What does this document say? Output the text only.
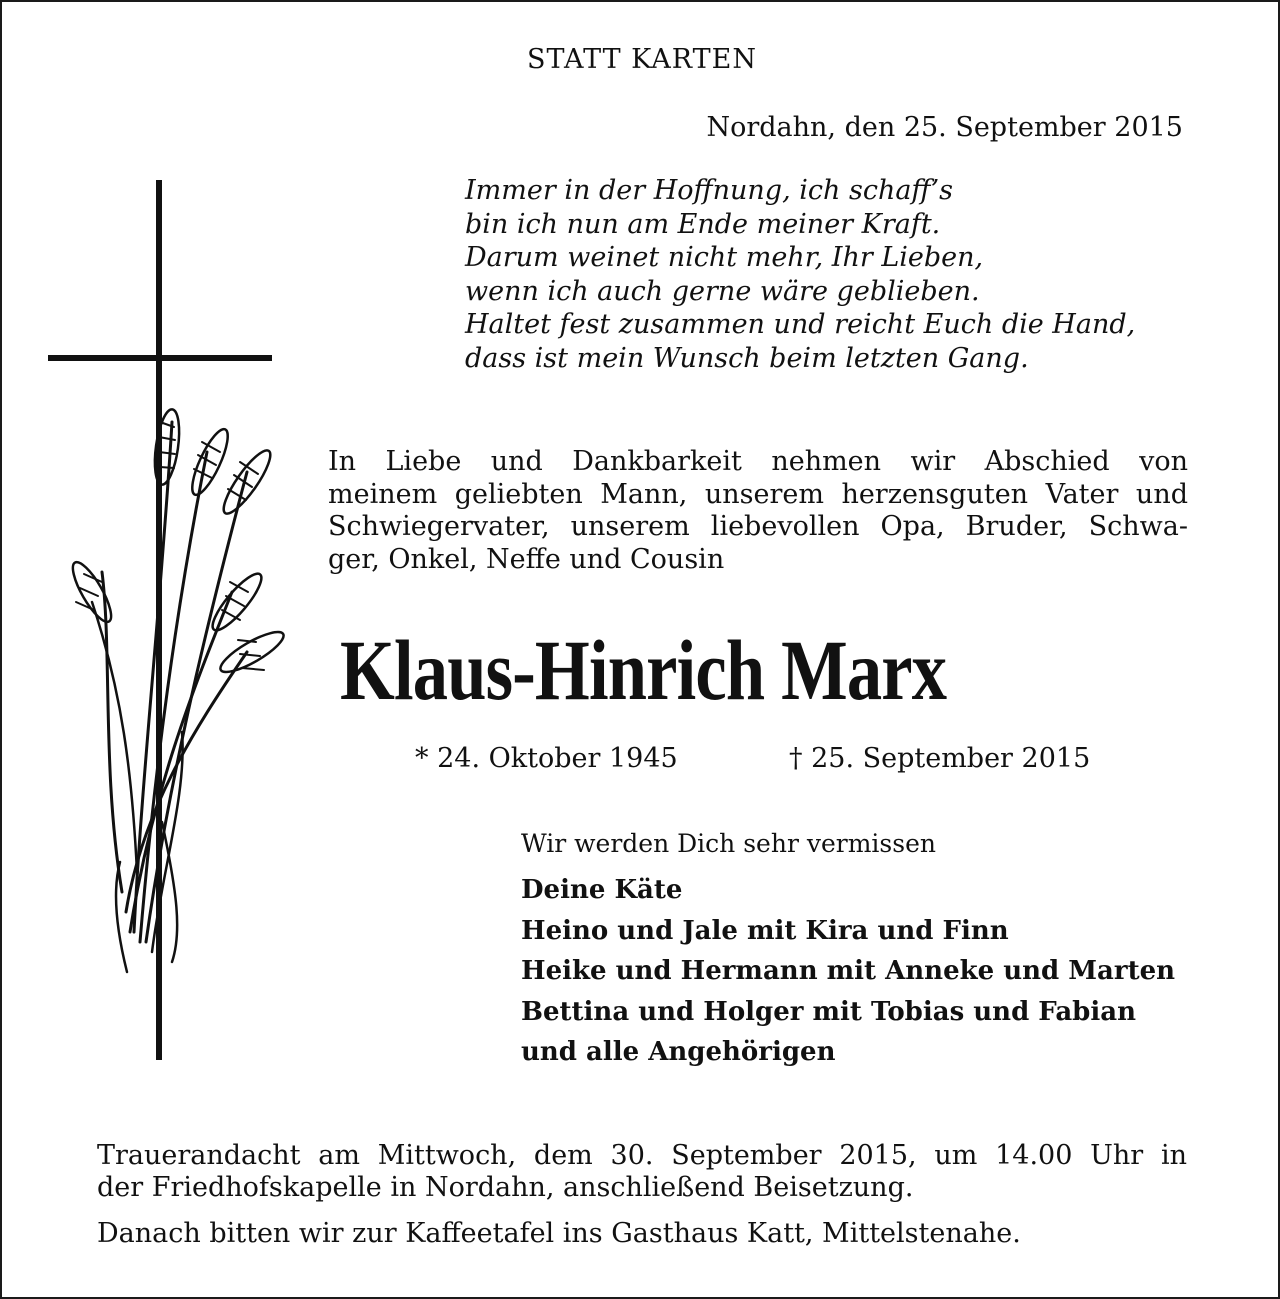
STATT KARTEN
Nordahn, den 25. September 2015
Immer in der Hoffnung, ich schaff’s
bin ich nun am Ende meiner Kraft.
Darum weinet nicht mehr, Ihr Lieben,
wenn ich auch gerne wäre geblieben.
Haltet fest zusammen und reicht Euch die Hand,
dass ist mein Wunsch beim letzten Gang.
In Liebe und Dankbarkeit nehmen wir Abschied von
meinem geliebten Mann, unserem herzensguten Vater und
Schwiegervater, unserem liebevollen Opa, Bruder, Schwa-
ger, Onkel, Neffe und Cousin
Klaus-Hinrich Marx
* 24. Oktober 1945	† 25. September 2015
Wir werden Dich sehr vermissen
Deine Käte
Heino und Jale mit Kira und Finn
Heike und Hermann mit Anneke und Marten
Bettina und Holger mit Tobias und Fabian
und alle Angehörigen
Trauerandacht am Mittwoch, dem 30. September 2015, um 14.00 Uhr in
der Friedhofskapelle in Nordahn, anschließend Beisetzung.
Danach bitten wir zur Kaffeetafel ins Gasthaus Katt, Mittelstenahe.
